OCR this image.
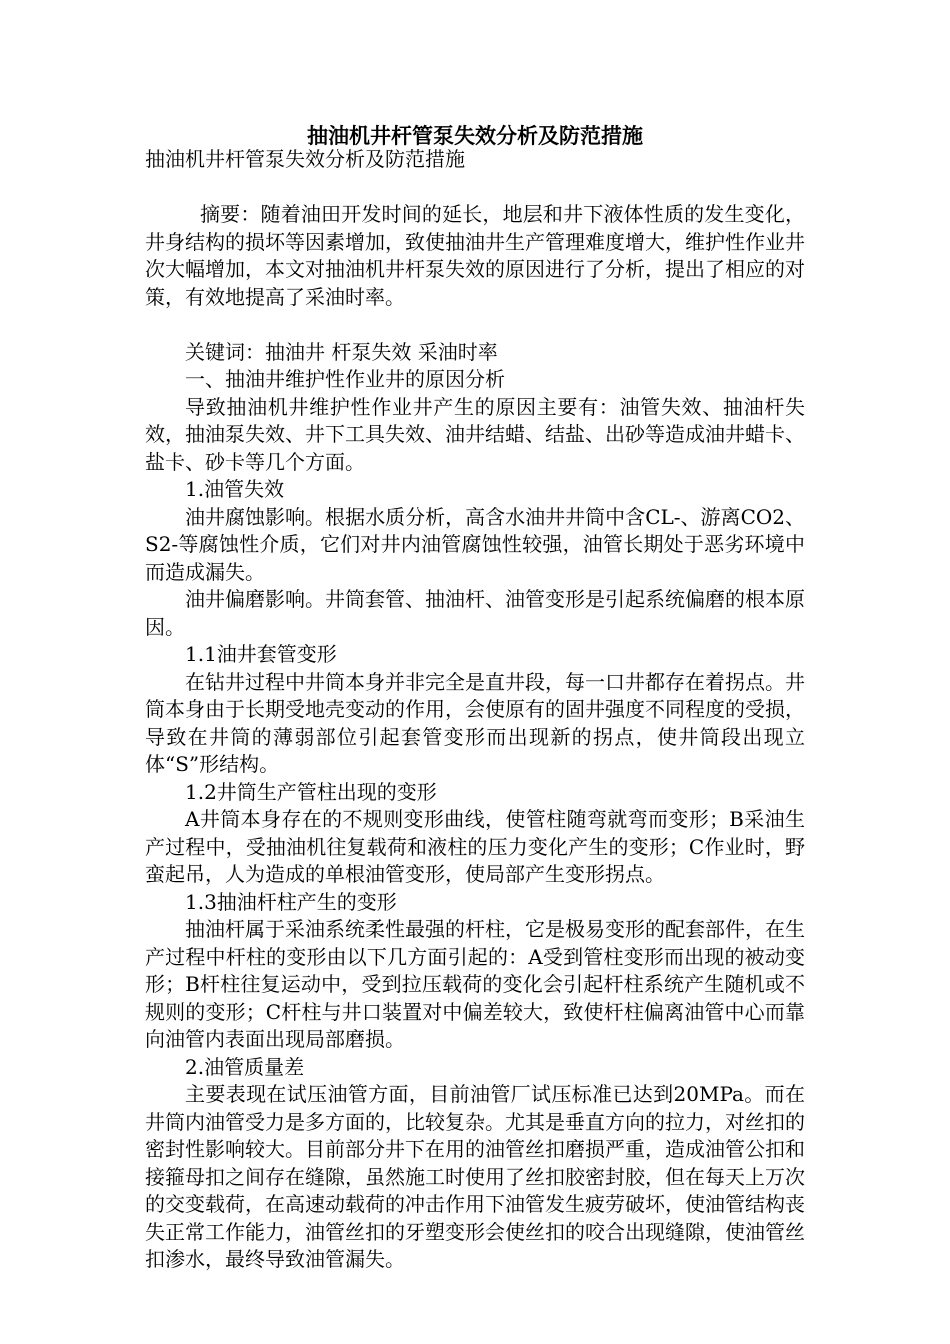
抽油机井杆管泵失效分析及防范措施

抽油机井杆管泵失效分析及防范措施

摘要：随着油田开发时间的延长，地层和井下液体性质的发生变化，井身结构的损坏等因素增加，致使抽油井生产管理难度增大，维护性作业井次大幅增加，本文对抽油机井杆泵失效的原因进行了分析，提出了相应的对策，有效地提高了采油时率。

关键词：抽油井 杆泵失效 采油时率

一、抽油井维护性作业井的原因分析

导致抽油机井维护性作业井产生的原因主要有：油管失效、抽油杆失效，抽油泵失效、井下工具失效、油井结蜡、结盐、出砂等造成油井蜡卡、盐卡、砂卡等几个方面。

1.油管失效

油井腐蚀影响。根据水质分析，高含水油井井筒中含CL-、游离CO2、S2-等腐蚀性介质，它们对井内油管腐蚀性较强，油管长期处于恶劣环境中而造成漏失。

油井偏磨影响。井筒套管、抽油杆、油管变形是引起系统偏磨的根本原因。

1.1油井套管变形

在钻井过程中井筒本身并非完全是直井段，每一口井都存在着拐点。井筒本身由于长期受地壳变动的作用，会使原有的固井强度不同程度的受损，导致在井筒的薄弱部位引起套管变形而出现新的拐点，使井筒段出现立体“S”形结构。

1.2井筒生产管柱出现的变形

A井筒本身存在的不规则变形曲线，使管柱随弯就弯而变形；B采油生产过程中，受抽油机往复载荷和液柱的压力变化产生的变形；C作业时，野蛮起吊，人为造成的单根油管变形，使局部产生变形拐点。

1.3抽油杆柱产生的变形

抽油杆属于采油系统柔性最强的杆柱，它是极易变形的配套部件，在生产过程中杆柱的变形由以下几方面引起的：A受到管柱变形而出现的被动变形；B杆柱往复运动中，受到拉压载荷的变化会引起杆柱系统产生随机或不规则的变形；C杆柱与井口装置对中偏差较大，致使杆柱偏离油管中心而靠向油管内表面出现局部磨损。

2.油管质量差

主要表现在试压油管方面，目前油管厂试压标准已达到20MPa。而在井筒内油管受力是多方面的，比较复杂。尤其是垂直方向的拉力，对丝扣的密封性影响较大。目前部分井下在用的油管丝扣磨损严重，造成油管公扣和接箍母扣之间存在缝隙，虽然施工时使用了丝扣胶密封胶，但在每天上万次的交变载荷，在高速动载荷的冲击作用下油管发生疲劳破坏，使油管结构丧失正常工作能力，油管丝扣的牙塑变形会使丝扣的咬合出现缝隙，使油管丝扣渗水，最终导致油管漏失。
